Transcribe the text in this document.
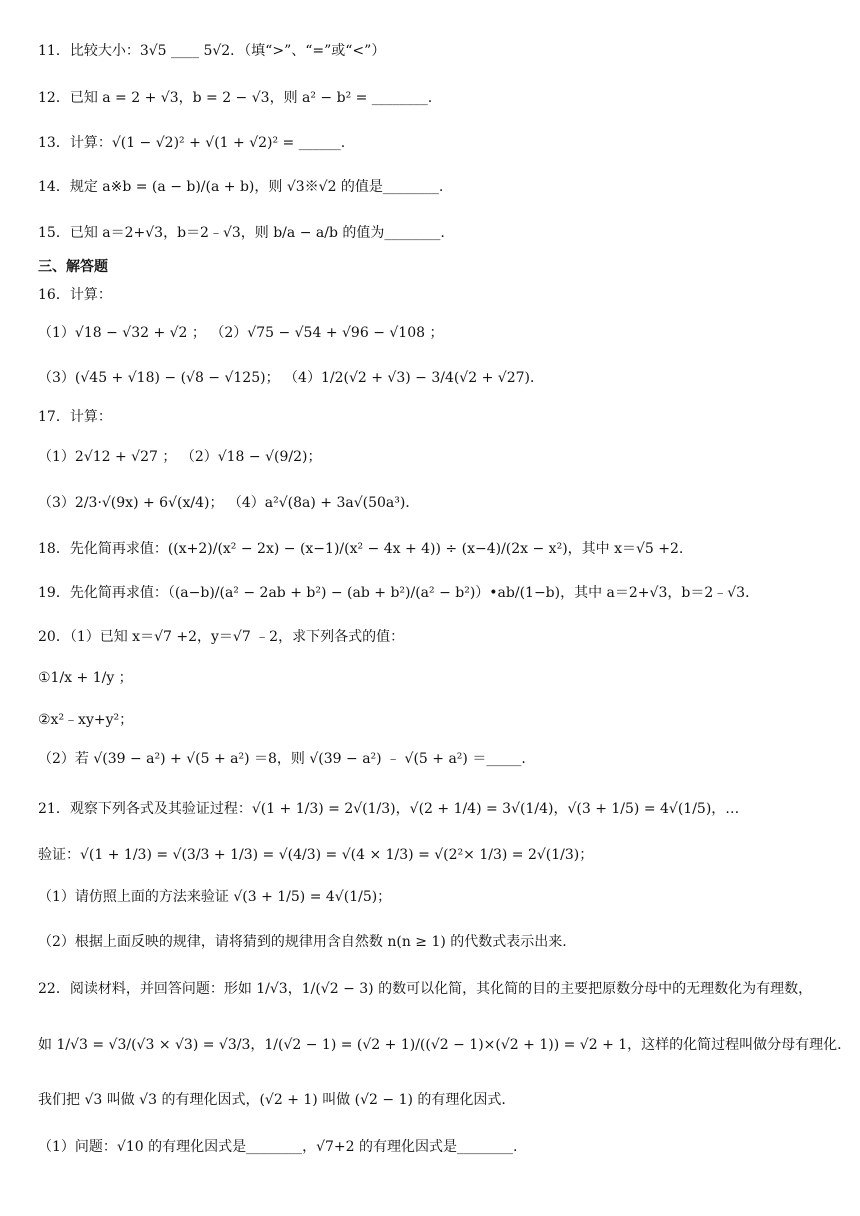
11．比较大小：3√5 ____ 5√2．（填“>”、“=”或“<”）
12．已知 a = 2 + √3，b = 2 − √3，则 a² − b² = ________.
13．计算：√(1 − √2)² + √(1 + √2)² = ______.
14．规定 a※b = (a − b)/(a + b)，则 √3※√2 的值是________.
15．已知 a＝2+√3，b＝2﹣√3，则 b/a − a/b 的值为________.
三、解答题
16．计算：
（1）√18 − √32 + √2 ； （2）√75 − √54 + √96 − √108 ；
（3）(√45 + √18) − (√8 − √125)； （4）1/2(√2 + √3) − 3/4(√2 + √27)．
17．计算：
（1）2√12 + √27 ； （2）√18 − √(9/2)；
（3）2/3·√(9x) + 6√(x/4)； （4）a²√(8a) + 3a√(50a³)．
18．先化简再求值：((x+2)/(x² − 2x) − (x−1)/(x² − 4x + 4)) ÷ (x−4)/(2x − x²)，其中 x＝√5 +2.
19．先化简再求值：（(a−b)/(a² − 2ab + b²) − (ab + b²)/(a² − b²)）•ab/(1−b)，其中 a＝2+√3，b＝2﹣√3．
20．（1）已知 x＝√7 +2，y＝√7 ﹣2，求下列各式的值：
①1/x + 1/y ；
②x²﹣xy+y²；
（2）若 √(39 − a²) + √(5 + a²) ＝8，则 √(39 − a²) ﹣ √(5 + a²) ＝_____.
21．观察下列各式及其验证过程：√(1 + 1/3) = 2√(1/3)，√(2 + 1/4) = 3√(1/4)，√(3 + 1/5) = 4√(1/5)，…
验证：√(1 + 1/3) = √(3/3 + 1/3) = √(4/3) = √(4 × 1/3) = √(2²× 1/3) = 2√(1/3)；
（1）请仿照上面的方法来验证 √(3 + 1/5) = 4√(1/5)；
（2）根据上面反映的规律，请将猜到的规律用含自然数 n(n ≥ 1) 的代数式表示出来.
22．阅读材料，并回答问题：形如 1/√3，1/(√2 − 3) 的数可以化简，其化简的目的主要把原数分母中的无理数化为有理数，
如 1/√3 = √3/(√3 × √3) = √3/3，1/(√2 − 1) = (√2 + 1)/((√2 − 1)×(√2 + 1)) = √2 + 1，这样的化简过程叫做分母有理化.
我们把 √3 叫做 √3 的有理化因式，(√2 + 1) 叫做 (√2 − 1) 的有理化因式.
（1）问题：√10 的有理化因式是________，√7+2 的有理化因式是________.
